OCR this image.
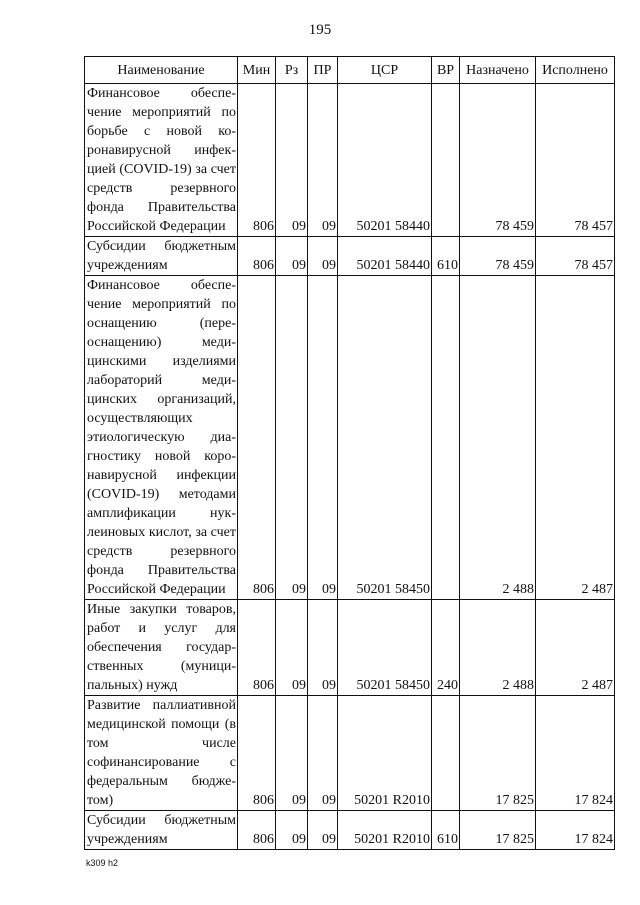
195
Наименование	Мин	Рз	ПР	ЦСР	ВР	Назначено	Исполнено
Финансовое обеспечение мероприятий по борьбе с новой коронавирусной инфекцией (COVID-19) за счет средств резервного фонда Правительства Российской Федерации	806	09	09	50201 58440		78 459	78 457
Субсидии бюджетным учреждениям	806	09	09	50201 58440	610	78 459	78 457
Финансовое обеспечение мероприятий по оснащению (переоснащению) медицинскими изделиями лабораторий медицинских организаций, осуществляющих этиологическую диагностику новой коронавирусной инфекции (COVID-19) методами амплификации нуклеиновых кислот, за счет средств резервного фонда Правительства Российской Федерации	806	09	09	50201 58450		2 488	2 487
Иные закупки товаров, работ и услуг для обеспечения государственных (муниципальных) нужд	806	09	09	50201 58450	240	2 488	2 487
Развитие паллиативной медицинской помощи (в том числе софинансирование с федеральным бюджетом)	806	09	09	50201 R2010		17 825	17 824
Субсидии бюджетным учреждениям	806	09	09	50201 R2010	610	17 825	17 824
k309 h2
